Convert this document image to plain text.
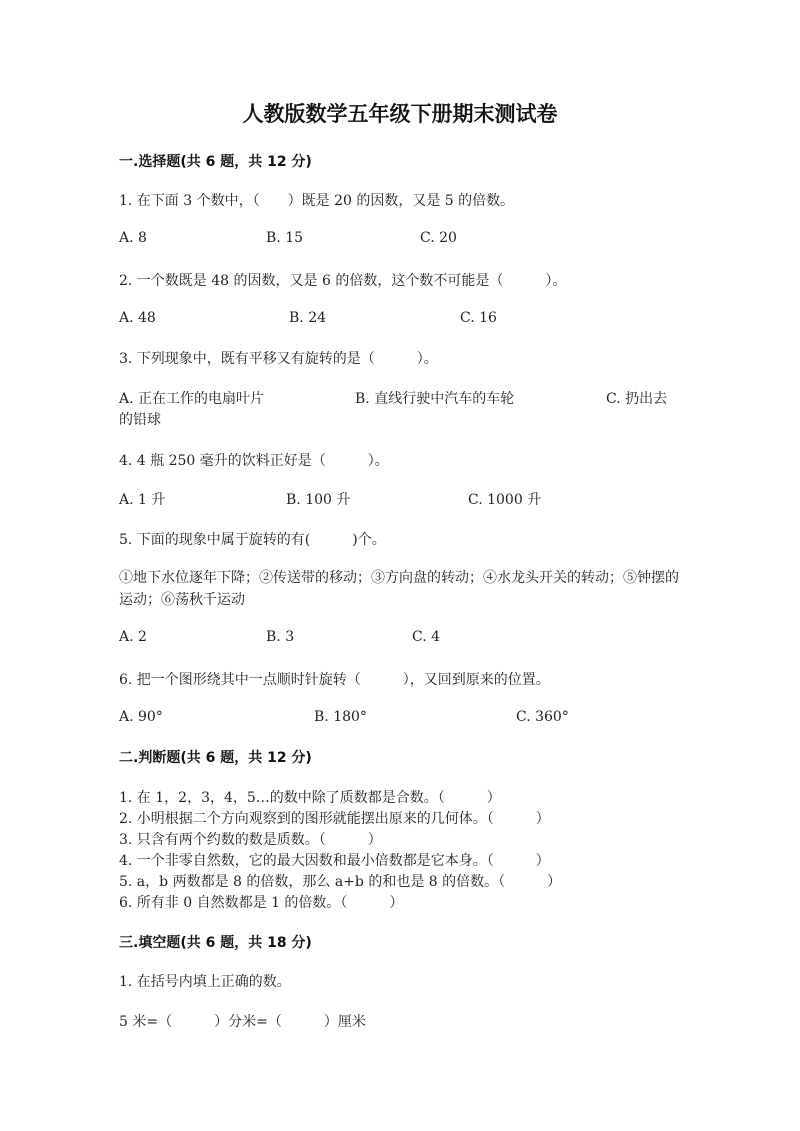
人教版数学五年级下册期末测试卷
一.选择题(共 6 题，共 12 分)
1. 在下面 3 个数中，（　　）既是 20 的因数，又是 5 的倍数。
A. 8	B. 15	C. 20
2. 一个数既是 48 的因数，又是 6 的倍数，这个数不可能是（　　　）。
A. 48	B. 24	C. 16
3. 下列现象中，既有平移又有旋转的是（　　　）。
A. 正在工作的电扇叶片	B. 直线行驶中汽车的车轮	C. 扔出去
的铅球
4. 4 瓶 250 毫升的饮料正好是（　　　）。
A. 1 升	B. 100 升	C. 1000 升
5. 下面的现象中属于旋转的有(　　　)个。
①地下水位逐年下降；②传送带的移动；③方向盘的转动；④水龙头开关的转动；⑤钟摆的运动；⑥荡秋千运动
A. 2	B. 3	C. 4
6. 把一个图形绕其中一点顺时针旋转（　　　），又回到原来的位置。
A. 90°	B. 180°	C. 360°
二.判断题(共 6 题，共 12 分)
1. 在 1，2，3，4，5…的数中除了质数都是合数。（　　　）
2. 小明根据二个方向观察到的图形就能摆出原来的几何体。（　　　）
3. 只含有两个约数的数是质数。（　　　）
4. 一个非零自然数，它的最大因数和最小倍数都是它本身。（　　　）
5. a，b 两数都是 8 的倍数，那么 a+b 的和也是 8 的倍数。（　　　）
6. 所有非 0 自然数都是 1 的倍数。（　　　）
三.填空题(共 6 题，共 18 分)
1. 在括号内填上正确的数。
5 米=（　　　）分米=（　　　）厘米
